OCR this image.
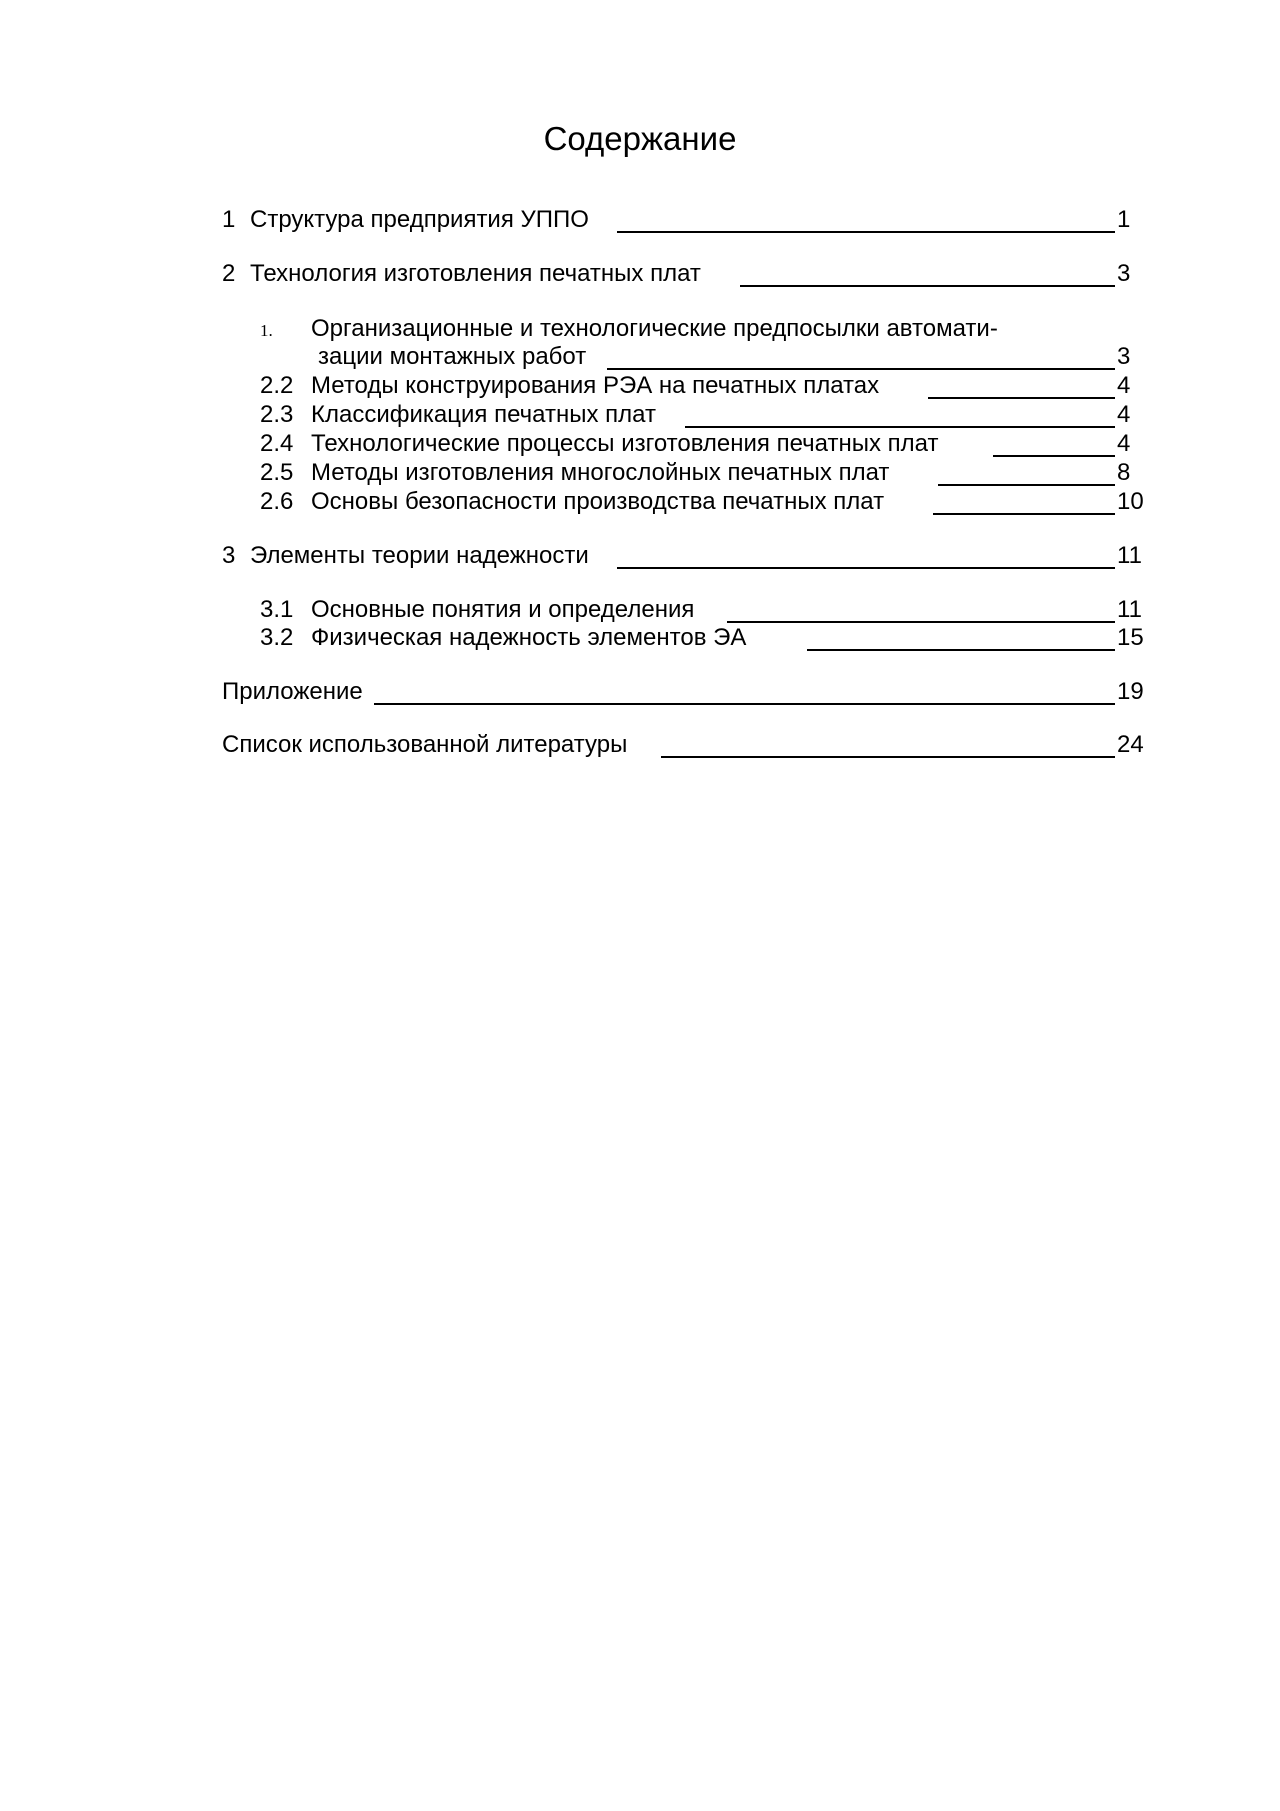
Содержание
1 Структура предприятия УППО	1
2 Технология изготовления печатных плат	3
1. Организационные и технологические предпосылки автомати-
зации монтажных работ	3
2.2 Методы конструирования РЭА на печатных платах	4
2.3 Классификация печатных плат	4
2.4 Технологические процессы изготовления печатных плат	4
2.5 Методы изготовления многослойных печатных плат	8
2.6 Основы безопасности производства печатных плат	10
3 Элементы теории надежности	11
3.1 Основные понятия и определения	11
3.2 Физическая надежность элементов ЭА	15
Приложение	19
Список использованной литературы	24
